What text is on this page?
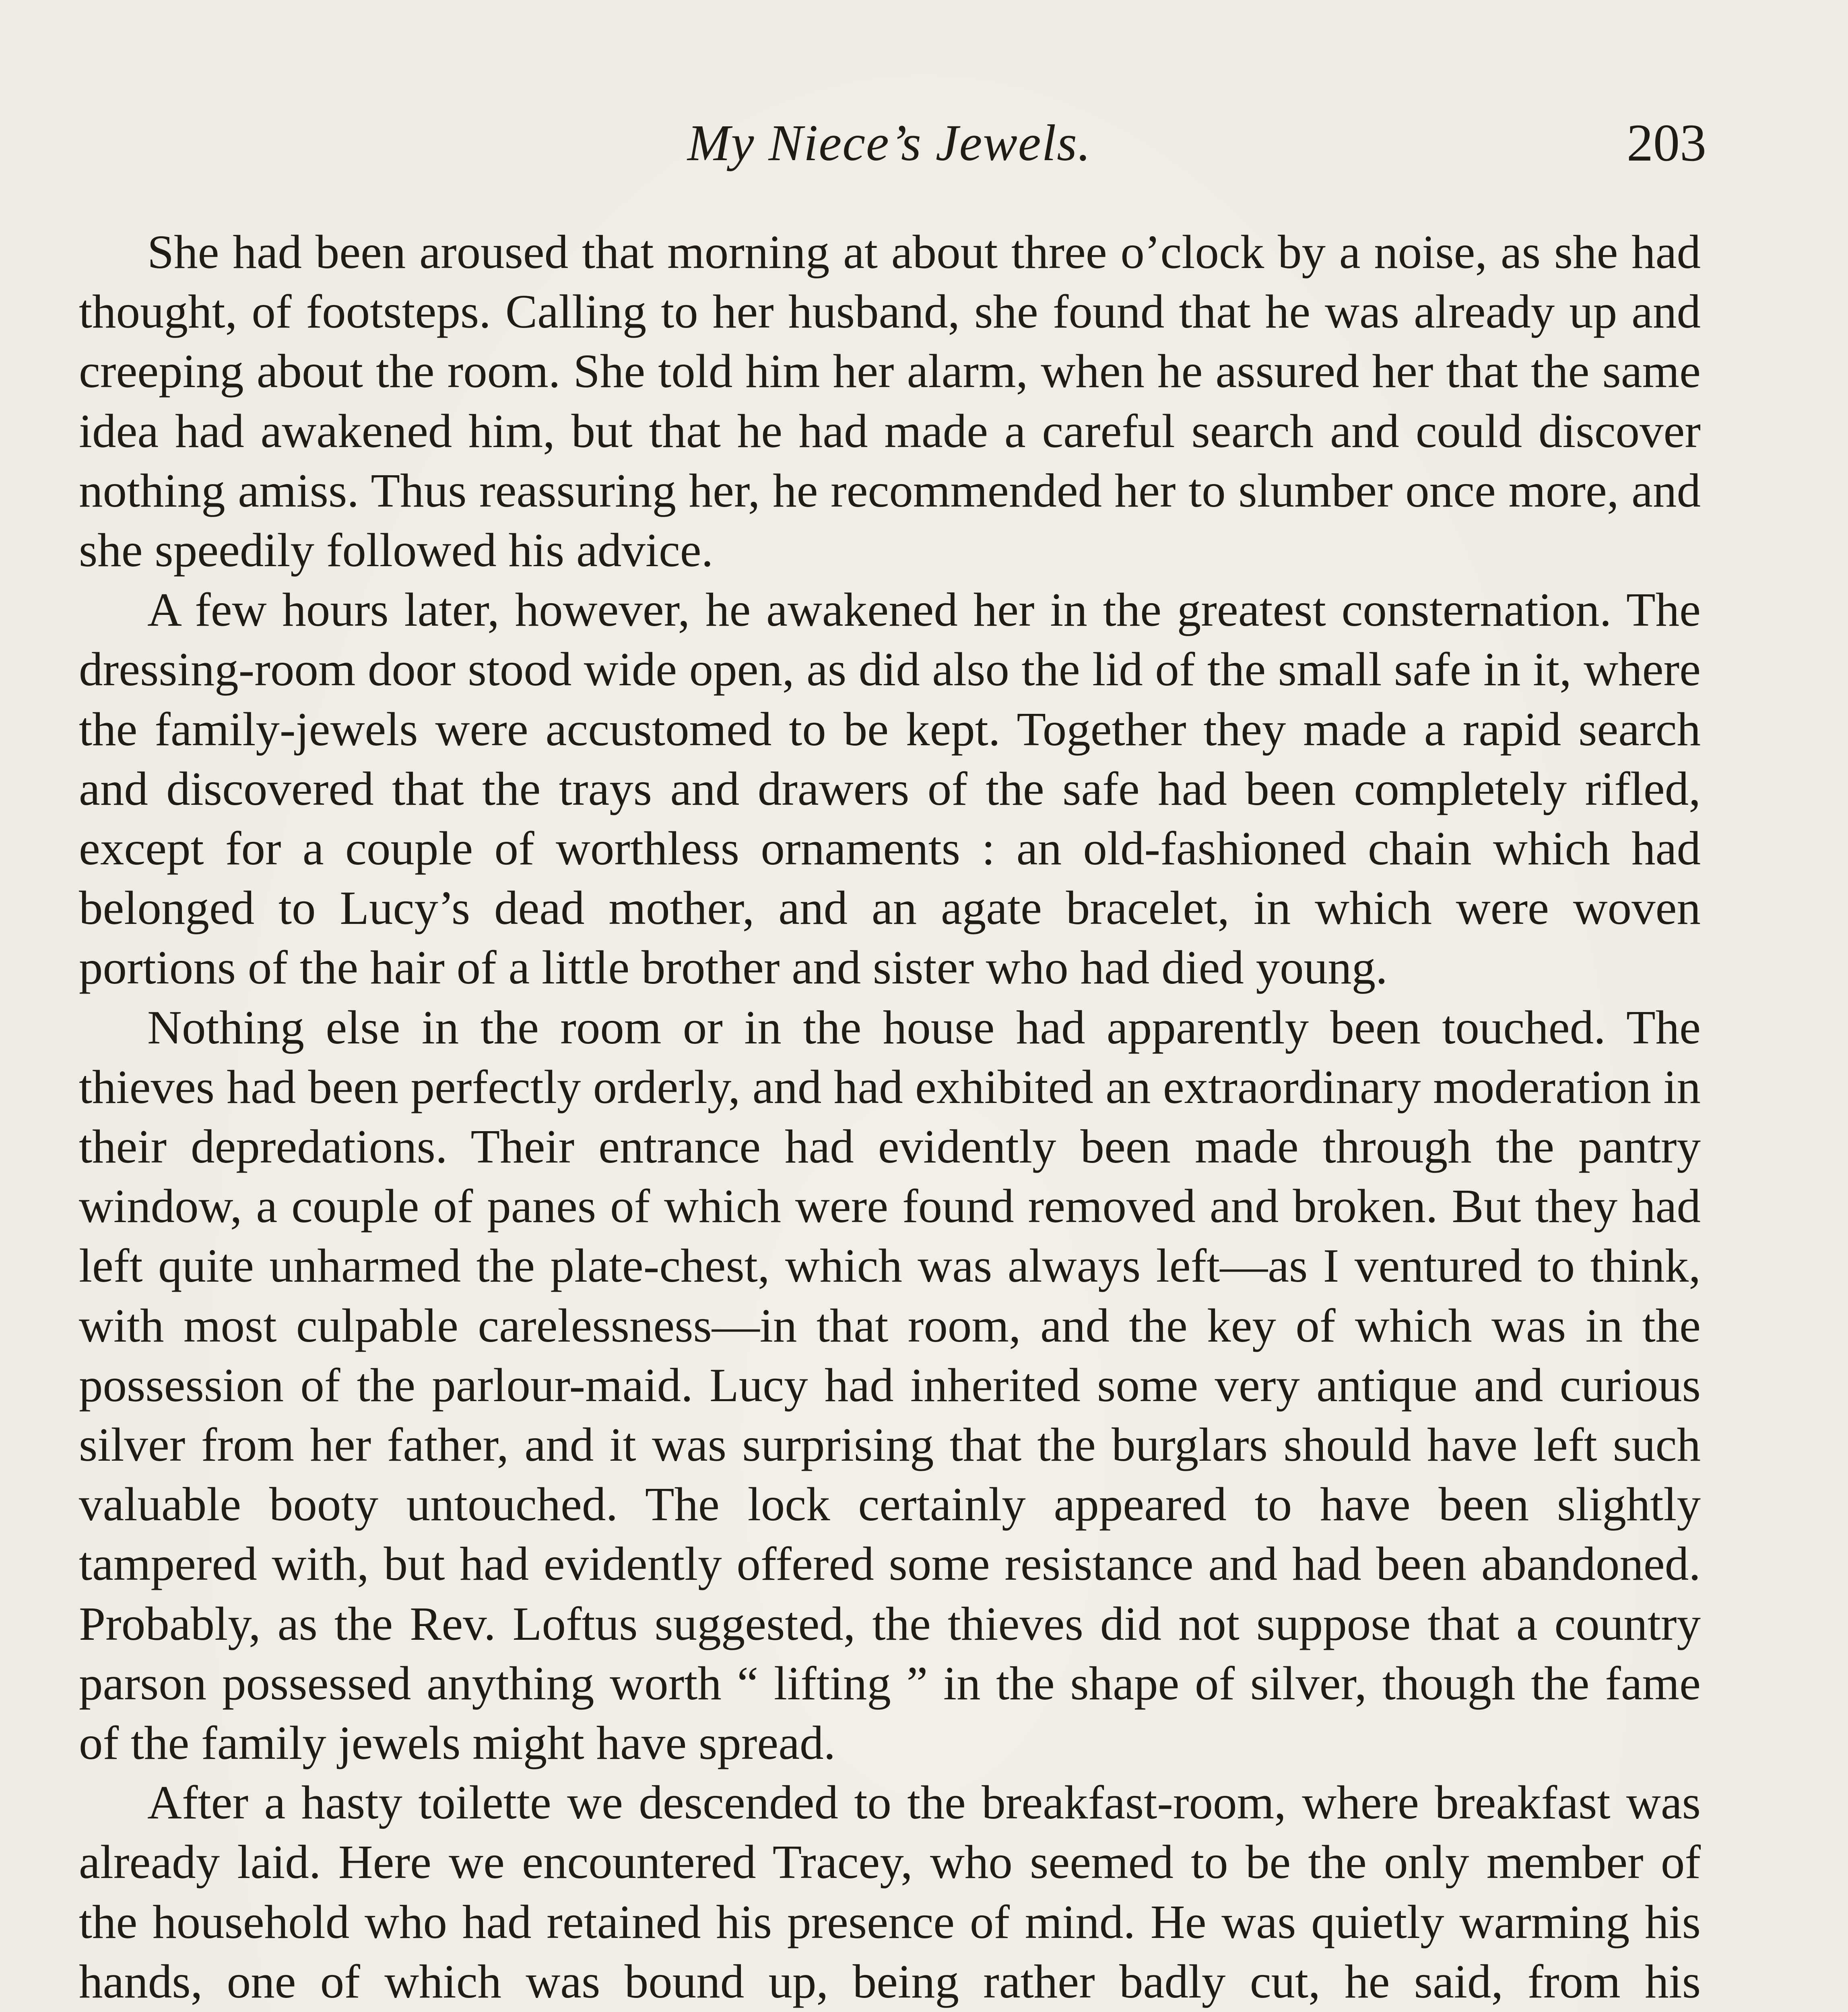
My Niece’s Jewels.	203

She had been aroused that morning at about three o’clock by a noise, as she had thought, of footsteps. Calling to her husband, she found that he was already up and creeping about the room. She told him her alarm, when he assured her that the same idea had awakened him, but that he had made a careful search and could discover nothing amiss. Thus reassuring her, he recommended her to slumber once more, and she speedily followed his advice.

A few hours later, however, he awakened her in the greatest consternation. The dressing-room door stood wide open, as did also the lid of the small safe in it, where the family-jewels were accustomed to be kept. Together they made a rapid search and discovered that the trays and drawers of the safe had been completely rifled, except for a couple of worthless ornaments : an old-fashioned chain which had belonged to Lucy’s dead mother, and an agate bracelet, in which were woven portions of the hair of a little brother and sister who had died young.

Nothing else in the room or in the house had apparently been touched. The thieves had been perfectly orderly, and had exhibited an extraordinary moderation in their depredations. Their entrance had evidently been made through the pantry window, a couple of panes of which were found removed and broken. But they had left quite unharmed the plate-chest, which was always left—as I ventured to think, with most culpable carelessness—in that room, and the key of which was in the possession of the parlour-maid. Lucy had inherited some very antique and curious silver from her father, and it was surprising that the burglars should have left such valuable booty untouched. The lock certainly appeared to have been slightly tampered with, but had evidently offered some resistance and had been abandoned. Probably, as the Rev. Loftus suggested, the thieves did not suppose that a country parson possessed anything worth “ lifting ” in the shape of silver, though the fame of the family jewels might have spread.

After a hasty toilette we descended to the breakfast-room, where breakfast was already laid. Here we encountered Tracey, who seemed to be the only member of the household who had retained his presence of mind. He was quietly warming his hands, one of which was bound up, being rather badly cut, he said, from his
